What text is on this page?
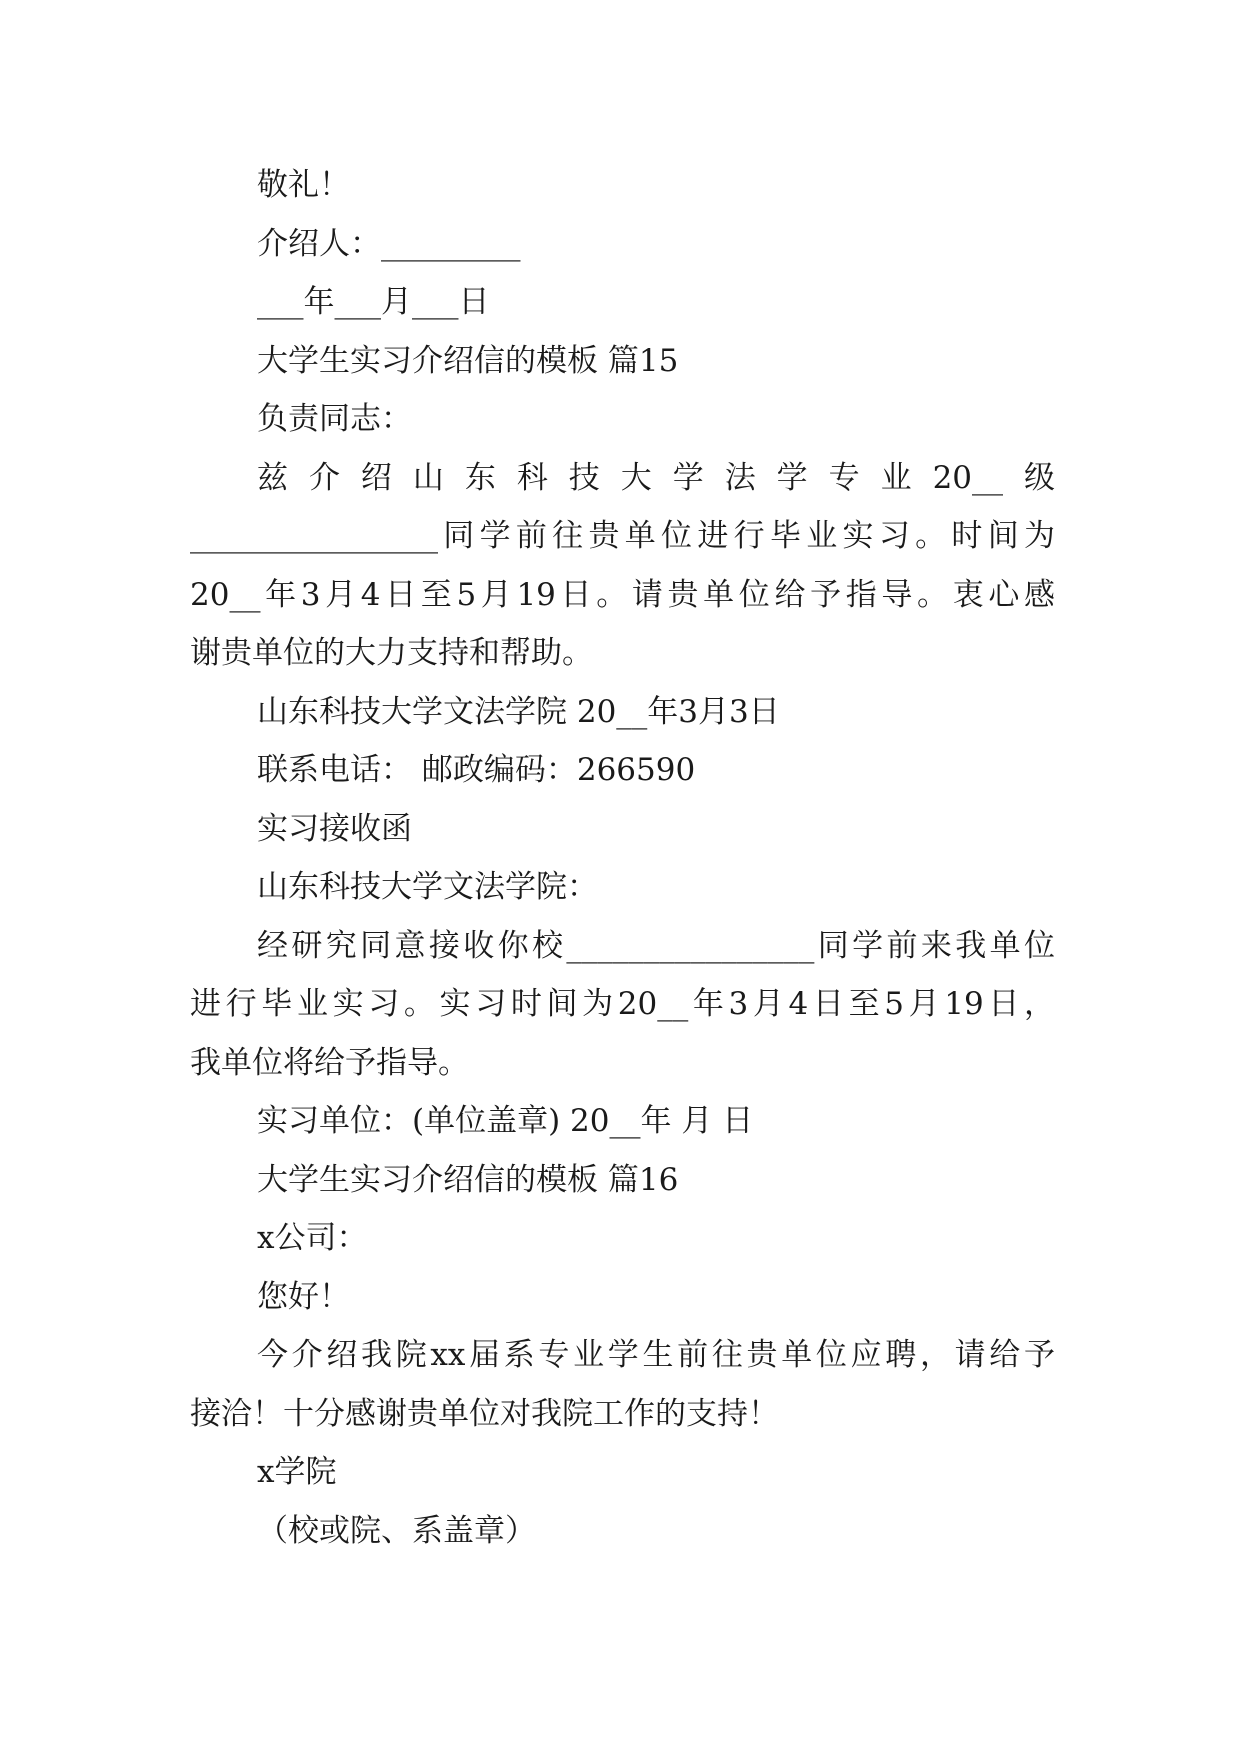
敬礼！
介绍人：_________
___年___月___日
大学生实习介绍信的模板 篇15
负责同志：
兹介绍山东科技大学法学专业20__级
________________同学前往贵单位进行毕业实习。时间为
20__年3月4日至5月19日。请贵单位给予指导。衷心感
谢贵单位的大力支持和帮助。
山东科技大学文法学院 20__年3月3日
联系电话： 邮政编码：266590
实习接收函
山东科技大学文法学院：
经研究同意接收你校________________同学前来我单位
进行毕业实习。实习时间为20__年3月4日至5月19日，
我单位将给予指导。
实习单位：(单位盖章) 20__年 月 日
大学生实习介绍信的模板 篇16
x公司：
您好！
今介绍我院xx届系专业学生前往贵单位应聘，请给予
接洽！十分感谢贵单位对我院工作的支持！
x学院
（校或院、系盖章）
